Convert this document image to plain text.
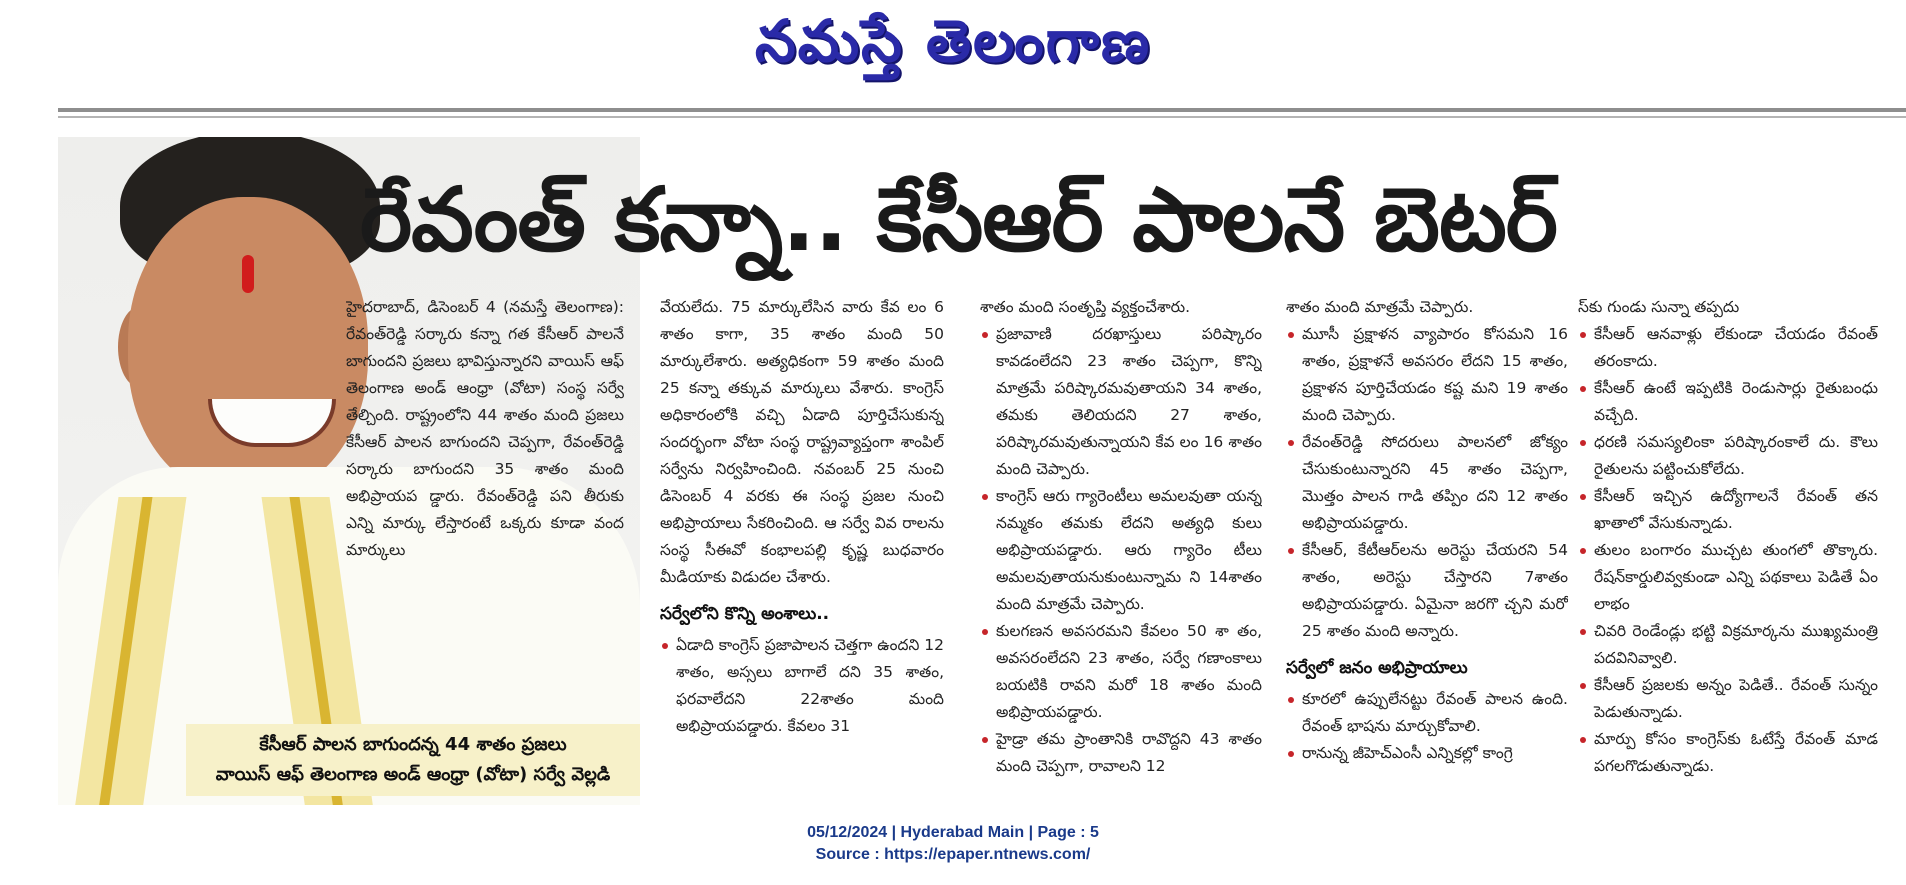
నమస్తే తెలంగాణ
కేసీఆర్ పాలన బాగుందన్న 44 శాతం ప్రజలు
వాయిస్ ఆఫ్ తెలంగాణ అండ్ ఆంధ్రా (వోటా) సర్వే వెల్లడి
రేవంత్ కన్నా.. కేసీఆర్ పాలనే బెటర్

హైదరాబాద్, డిసెంబర్ 4 (నమస్తే తెలంగాణ): రేవంత్‌రెడ్డి సర్కారు కన్నా గత కేసీఆర్ పాలనే బాగుందని ప్రజలు భావిస్తున్నారని వాయిస్ ఆఫ్ తెలంగాణ అండ్ ఆంధ్రా (వోటా) సంస్థ సర్వే తేల్చింది. రాష్ట్రంలోని 44 శాతం మంది ప్రజలు కేసీఆర్ పాలన బాగుందని చెప్పగా, రేవంత్‌రెడ్డి సర్కారు బాగుందని 35 శాతం మంది అభిప్రాయప డ్డారు. రేవంత్‌రెడ్డి పని తీరుకు ఎన్ని మార్కు లేస్తారంటే ఒక్కరు కూడా వంద మార్కులు

వేయలేదు. 75 మార్కులేసిన వారు కేవ లం 6 శాతం కాగా, 35 శాతం మంది 50 మార్కులేశారు. అత్యధికంగా 59 శాతం మంది 25 కన్నా తక్కువ మార్కులు వేశారు. కాంగ్రెస్ అధికారంలోకి వచ్చి ఏడాది పూర్తిచేసుకున్న సందర్భంగా వోటా సంస్థ రాష్ట్రవ్యాప్తంగా శాంపిల్ సర్వేను నిర్వహించింది. నవంబర్ 25 నుంచి డిసెంబర్ 4 వరకు ఈ సంస్థ ప్రజల నుంచి అభిప్రాయాలు సేకరించింది. ఆ సర్వే వివ రాలను సంస్థ సీఈవో కంభాలపల్లి కృష్ణ బుధవారం మీడియాకు విడుదల చేశారు.

సర్వేలోని కొన్ని అంశాలు..
ఏడాది కాంగ్రెస్ ప్రజాపాలన చెత్తగా ఉందని 12 శాతం, అస్సలు బాగాలే దని 35 శాతం, ఫరవాలేదని 22శాతం మంది అభిప్రాయపడ్డారు. కేవలం 31

శాతం మంది సంతృప్తి వ్యక్తంచేశారు.

ప్రజావాణి దరఖాస్తులు పరిష్కారం కావడంలేదని 23 శాతం చెప్పగా, కొన్ని మాత్రమే పరిష్కారమవుతాయని 34 శాతం, తమకు తెలియదని 27 శాతం, పరిష్కారమవుతున్నాయని కేవ లం 16 శాతం మంది చెప్పారు.
కాంగ్రెస్ ఆరు గ్యారెంటీలు అమలవుతా యన్న నమ్మకం తమకు లేదని అత్యధి కులు అభిప్రాయపడ్డారు. ఆరు గ్యారెం టీలు అమలవుతాయనుకుంటున్నామ ని 14శాతం మంది మాత్రమే చెప్పారు.
కులగణన అవసరమని కేవలం 50 శా తం, అవసరంలేదని 23 శాతం, సర్వే గణాంకాలు బయటికి రావని మరో 18 శాతం మంది అభిప్రాయపడ్డారు.
హైడ్రా తమ ప్రాంతానికి రావొద్దని 43 శాతం మంది చెప్పగా, రావాలని 12

శాతం మంది మాత్రమే చెప్పారు.

మూసీ ప్రక్షాళన వ్యాపారం కోసమని 16 శాతం, ప్రక్షాళనే అవసరం లేదని 15 శాతం, ప్రక్షాళన పూర్తిచేయడం కష్ట మని 19 శాతం మంది చెప్పారు.
రేవంత్‌రెడ్డి సోదరులు పాలనలో జోక్యం చేసుకుంటున్నారని 45 శాతం చెప్పగా, మొత్తం పాలన గాడి తప్పిం దని 12 శాతం అభిప్రాయపడ్డారు.
కేసీఆర్, కేటీఆర్‌లను అరెస్టు చేయరని 54 శాతం, అరెస్టు చేస్తారని 7శాతం అభిప్రాయపడ్డారు. ఏమైనా జరగొ చ్చని మరో 25 శాతం మంది అన్నారు.
సర్వేలో జనం అభిప్రాయాలు
కూరలో ఉప్పులేనట్టు రేవంత్ పాలన ఉంది. రేవంత్ భాషను మార్చుకోవాలి.
రానున్న జీహెచ్‌ఎంసీ ఎన్నికల్లో కాంగ్రె

స్‌కు గుండు సున్నా తప్పదు

కేసీఆర్ ఆనవాళ్లు లేకుండా చేయడం రేవంత్ తరంకాదు.
కేసీఆర్ ఉంటే ఇప్పటికి రెండుసార్లు రైతుబంధు వచ్చేది.
ధరణి సమస్యలింకా పరిష్కారంకాలే దు. కౌలు రైతులను పట్టించుకోలేదు.
కేసీఆర్ ఇచ్చిన ఉద్యోగాలనే రేవంత్ తన ఖాతాలో వేసుకున్నాడు.
తులం బంగారం ముచ్చట తుంగలో తొక్కారు. రేషన్‌కార్డులివ్వకుండా ఎన్ని పథకాలు పెడితే ఏం లాభం
చివరి రెండేండ్లు భట్టి విక్రమార్కను ముఖ్యమంత్రి పదవినివ్వాలి.
కేసీఆర్ ప్రజలకు అన్నం పెడితే.. రేవంత్ సున్నం పెడుతున్నాడు.
మార్పు కోసం కాంగ్రెస్‌కు ఓటేస్తే రేవంత్ మాడ పగలగొడుతున్నాడు.
05/12/2024 | Hyderabad Main | Page : 5
Source : https://epaper.ntnews.com/
